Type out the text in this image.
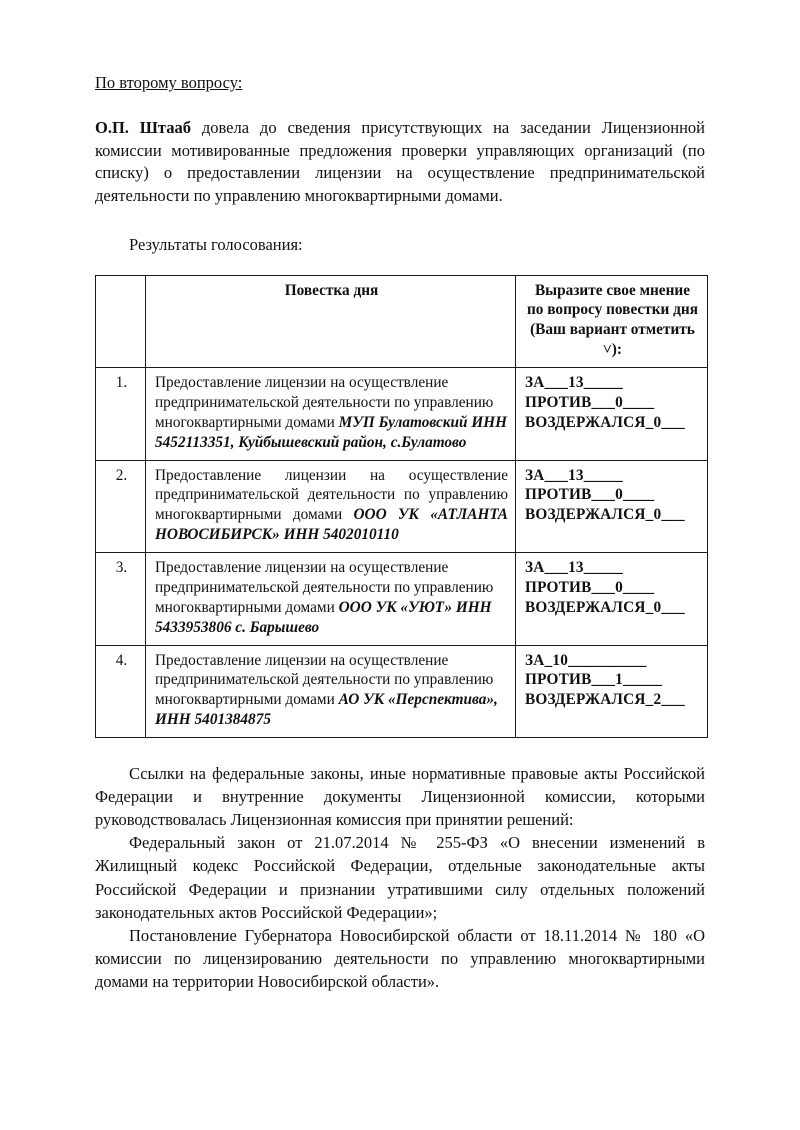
По второму вопросу:

О.П. Штааб довела до сведения присутствующих на заседании Лицензионной комиссии мотивированные предложения проверки управляющих организаций (по списку) о предоставлении лицензии на осуществление предпринимательской деятельности по управлению многоквартирными домами.

Результаты голосования:

	Повестка дня	Выразите свое мнение по вопросу повестки дня (Ваш вариант отметить ˅):
1.	Предоставление лицензии на осуществление предпринимательской деятельности по управлению многоквартирными домами МУП Булатовский ИНН 5452113351, Куйбышевский район, с.Булатово	ЗА___13_____
ПРОТИВ___0____
ВОЗДЕРЖАЛСЯ_0___

2.	Предоставление лицензии на осуществление предпринимательской деятельности по управлению многоквартирными домами ООО УК «АТЛАНТА НОВОСИБИРСК» ИНН 5402010110	ЗА___13_____
ПРОТИВ___0____
ВОЗДЕРЖАЛСЯ_0___

3.	Предоставление лицензии на осуществление предпринимательской деятельности по управлению многоквартирными домами ООО УК «УЮТ» ИНН 5433953806 с. Барышево	ЗА___13_____
ПРОТИВ___0____
ВОЗДЕРЖАЛСЯ_0___

4.	Предоставление лицензии на осуществление предпринимательской деятельности по управлению многоквартирными домами АО УК «Перспектива», ИНН 5401384875	ЗА_10__________
ПРОТИВ___1_____
ВОЗДЕРЖАЛСЯ_2___

Ссылки на федеральные законы, иные нормативные правовые акты Российской Федерации и внутренние документы Лицензионной комиссии, которыми руководствовалась Лицензионная комиссия при принятии решений:

Федеральный закон от 21.07.2014 № 255-ФЗ «О внесении изменений в Жилищный кодекс Российской Федерации, отдельные законодательные акты Российской Федерации и признании утратившими силу отдельных положений законодательных актов Российской Федерации»;

Постановление Губернатора Новосибирской области от 18.11.2014 № 180 «О комиссии по лицензированию деятельности по управлению многоквартирными домами на территории Новосибирской области».
